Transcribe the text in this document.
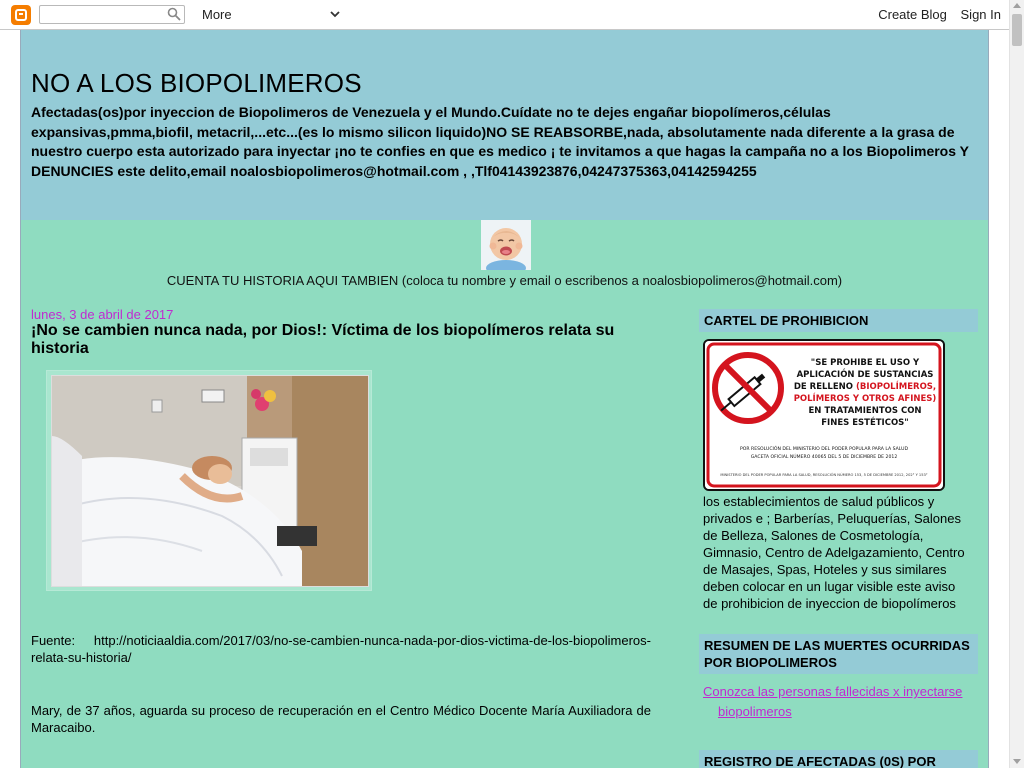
More	Create Blog Sign In
NO A LOS BIOPOLIMEROS
Afectadas(os)por inyeccion de Biopolimeros de Venezuela y el Mundo.Cuídate no te dejes engañar biopolímeros,células expansivas,pmma,biofil, metacril,...etc...(es lo mismo silicon liquido)NO SE REABSORBE,nada, absolutamente nada diferente a la grasa de nuestro cuerpo esta autorizado para inyectar ¡no te confies en que es medico ¡ te invitamos a que hagas la campaña no a los Biopolimeros Y DENUNCIES este delito,email noalosbiopolimeros@hotmail.com , ,Tlf04143923876,04247375363,04142594255
CUENTA TU HISTORIA AQUI TAMBIEN (coloca tu nombre y email o escribenos a noalosbiopolimeros@hotmail.com)
lunes, 3 de abril de 2017
¡No se cambien nunca nada, por Dios!: Víctima de los biopolímeros relata su historia
Fuente: http://noticiaaldia.com/2017/03/no-se-cambien-nunca-nada-por-dios-victima-de-los-biopolimeros-relata-su-historia/
Mary, de 37 años, aguarda su proceso de recuperación en el Centro Médico Docente María Auxiliadora de Maracaibo.
CARTEL DE PROHIBICION
"SE PROHIBE EL USO Y
APLICACIÓN DE SUSTANCIAS
DE RELLENO (BIOPOLÍMEROS,
POLÍMEROS Y OTROS AFINES)
EN TRATAMIENTOS CON
FINES ESTÉTICOS"
POR RESOLUCIÓN DEL MINISTERIO DEL PODER POPULAR PARA LA SALUD
GACETA OFICIAL NÚMERO 40065 DEL 5 DE DICIEMBRE DE 2012
MINISTERIO DEL PODER POPULAR PARA LA SALUD, RESOLUCIÓN NÚMERO 153, 5 DE DICIEMBRE 2012, 202° Y 153°
los establecimientos de salud públicos y privados e ; Barberías, Peluquerías, Salones de Belleza, Salones de Cosmetología, Gimnasio, Centro de Adelgazamiento, Centro de Masajes, Spas, Hoteles y sus similares deben colocar en un lugar visible este aviso de prohibicion de inyeccion de biopolímeros
RESUMEN DE LAS MUERTES OCURRIDAS POR BIOPOLIMEROS
Conozca las personas fallecidas x inyectarse
biopolimeros
REGISTRO DE AFECTADAS (0S) POR
